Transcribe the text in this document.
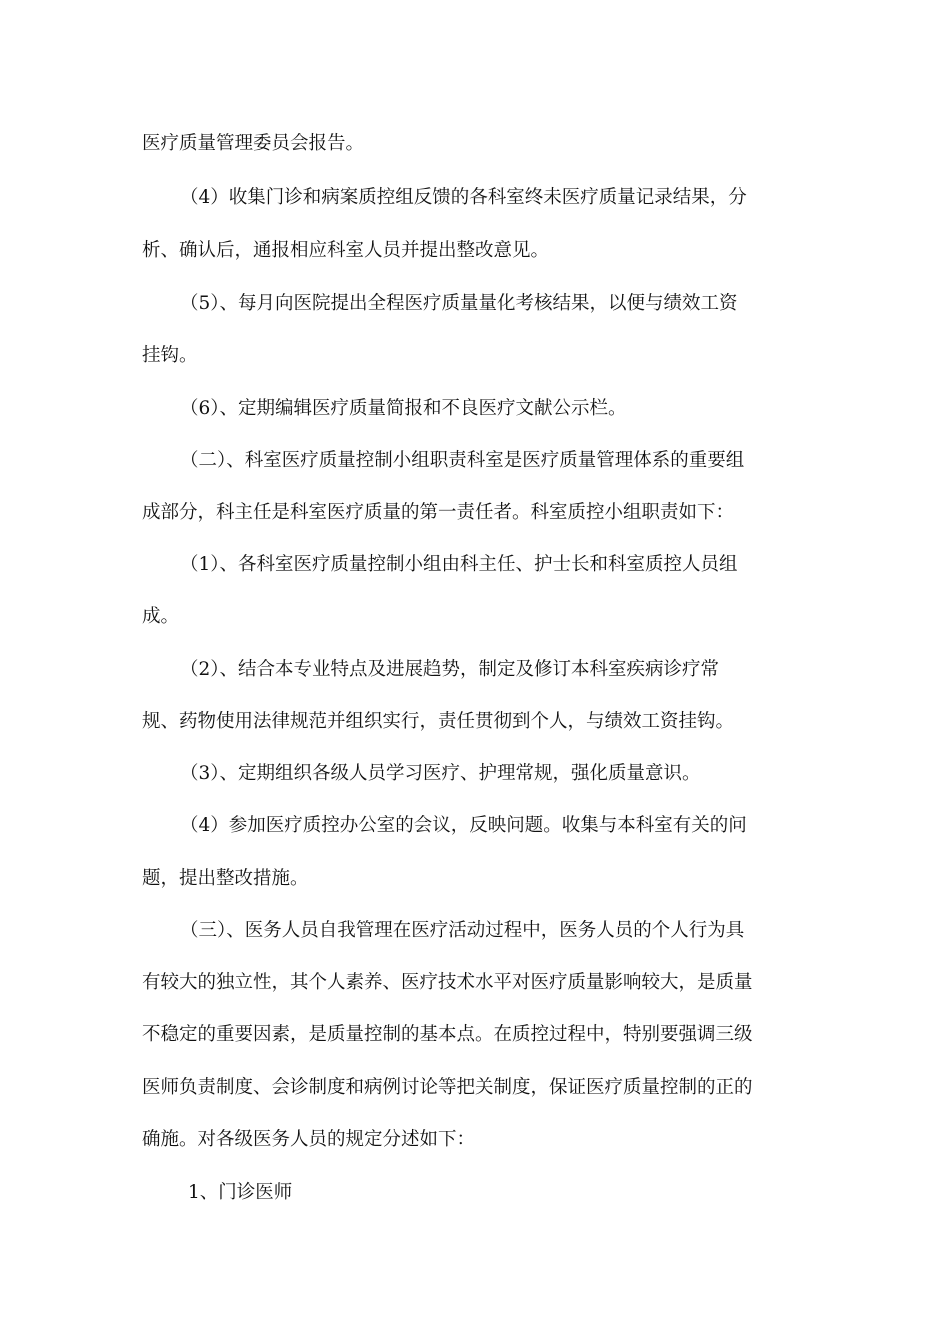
医疗质量管理委员会报告。
（4）收集门诊和病案质控组反馈的各科室终未医疗质量记录结果，分
析、确认后，通报相应科室人员并提出整改意见。
（5）、每月向医院提出全程医疗质量量化考核结果，以便与绩效工资
挂钩。
（6）、定期编辑医疗质量简报和不良医疗文献公示栏。
（二）、科室医疗质量控制小组职责科室是医疗质量管理体系的重要组
成部分，科主任是科室医疗质量的第一责任者。科室质控小组职责如下：
（1）、各科室医疗质量控制小组由科主任、护士长和科室质控人员组
成。
（2）、结合本专业特点及进展趋势，制定及修订本科室疾病诊疗常
规、药物使用法律规范并组织实行，责任贯彻到个人，与绩效工资挂钩。
（3）、定期组织各级人员学习医疗、护理常规，强化质量意识。
（4）参加医疗质控办公室的会议，反映问题。收集与本科室有关的问
题，提出整改措施。
（三）、医务人员自我管理在医疗活动过程中，医务人员的个人行为具
有较大的独立性，其个人素养、医疗技术水平对医疗质量影响较大，是质量
不稳定的重要因素，是质量控制的基本点。在质控过程中，特别要强调三级
医师负责制度、会诊制度和病例讨论等把关制度，保证医疗质量控制的正的
确施。对各级医务人员的规定分述如下：
1、门诊医师
